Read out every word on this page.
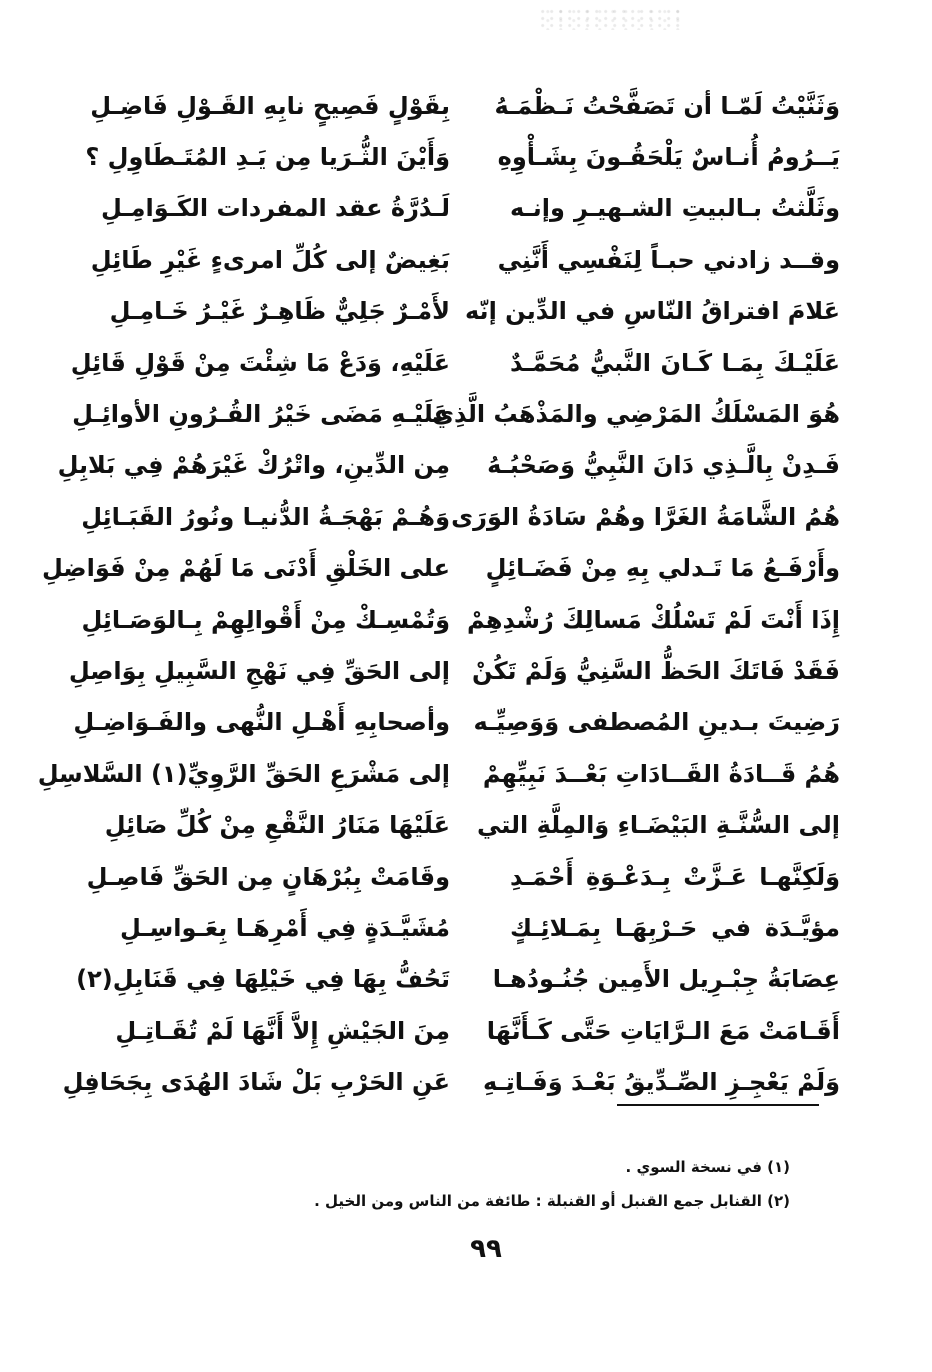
وَثَنَّيْتُ لَمّـا أن تَصَفَّحْتُ نَـظْمَـهُ
بِقَوْلٍ فَصِيحٍ نابِهِ القَـوْلِ فَاضِـلِ
يَــرُومُ أُنـاسٌ يَلْحَقُـونَ بِشَـأْوِهِ
وَأَيْنَ الثُّـرَيا مِن يَـدِ المُتَـطَاوِلِ ؟
وثَلَّثتُ بـالبيتِ الشـهيـرِ وإنـه
لَـدُرَّةُ عقد المفردات الكَـوَامِـلِ
وقــد زادني حبـاً لِنَفْسِي أَنَّنِي
بَغِيضٌ إلى كُلِّ امرىءٍ غَيْرِ طَائِلِ
عَلامَ افتراقُ النّاسِ في الدِّين إنّه
لأَمْـرٌ جَلِيٌّ ظَاهِـرٌ غَيْـرُ خَـامِـلِ
عَلَيْـكَ بِمَـا كَـانَ النَّبيُّ مُحَمَّـدٌ
عَلَيْهِ، وَدَعْ مَا شِئْتَ مِنْ قَوْلِ قَائِلِ
هُوَ المَسْلَكُ المَرْضِي والمَذْهَبُ الَّذِي
عَلَيْـهِ مَضَى خَيْرُ القُـرُونِ الأوائِـلِ
فَـدِنْ بِالَّـذِي دَانَ النَّبِيُّ وَصَحْبُـهُ
مِن الدِّينِ، واتْرُكْ غَيْرَهُمْ فِي بَلابِلِ
هُمُ الشَّامَةُ الغَرَّا وهُمْ سَادَةُ الوَرَى
وَهُـمْ بَهْجَـةُ الدُّنيـا ونُورُ القَبَـائِلِ
وأَرْفَـعُ مَا تَـدلي بِهِ مِنْ فَضَـائِلٍ
على الخَلْقِ أَدْنَى مَا لَهُمْ مِنْ فَوَاضِلِ
إِذَا أَنْتَ لَمْ تَسْلُكْ مَسالِكَ رُشْدِهِمْ
وَتُمْسِـكْ مِنْ أَقْوالِهِمْ بِـالوَصَـائِلِ
فَقَدْ فَاتَكَ الحَظُّ السَّنِيُّ وَلَمْ تَكُنْ
إلى الحَقِّ فِي نَهْجِ السَّبِيلِ بِوَاصِلِ
رَضِيتَ بـدينِ المُصطفى وَوَصِيِّـه
وأصحابِهِ أَهْـلِ النُّهى والفَـوَاضِـلِ
هُمُ قَــادَةُ القَــادَاتِ بَعْــدَ نَبِيِّهِمْ
إلى مَشْرَعِ الحَقِّ الرَّوِيِّ(١) السَّلاسِلِ
إلى السُّنَّـةِ البَيْضَـاءِ وَالمِلَّةِ التي
عَلَيْهَا مَنَارُ النَّقْعِ مِنْ كُلِّ صَائِلِ
وَلَكِنَّهـا عَـزَّتْ بِـدَعْـوَةِ أَحْمَـدِ
وقَامَتْ بِبُرْهَانٍ مِن الحَقِّ فَاصِـلِ
مؤيَّـدَة في حَـرْبِهَـا بِمَـلائِـكٍ
مُشَيَّـدَةٍ فِي أَمْرِهَـا بِعَـواسِـلِ
عِصَابَةُ جِبْـرِيل الأَمِين جُنُـودُهـا
تَحُفُّ بِهَا فِي خَيْلِهَا فِي قَنَابِلِ(٢)
أَقَـامَتْ مَعَ الـرَّايَاتِ حَتَّى كَـأَنَّهَا
مِنَ الجَيْشِ إِلاَّ أَنَّهَا لَمْ تُقَـاتِـلِ
وَلَمْ يَعْجِـزِ الصِّـدِّيقُ بَعْـدَ وَفَـاتِـهِ
عَنِ الحَرْبِ بَلْ شَادَ الهُدَى بِجَحَافِلِ
(١) في نسخة السوي .
(٢) القنابل جمع القنبل أو القنبلة : طائفة من الناس ومن الخيل .
٩٩
